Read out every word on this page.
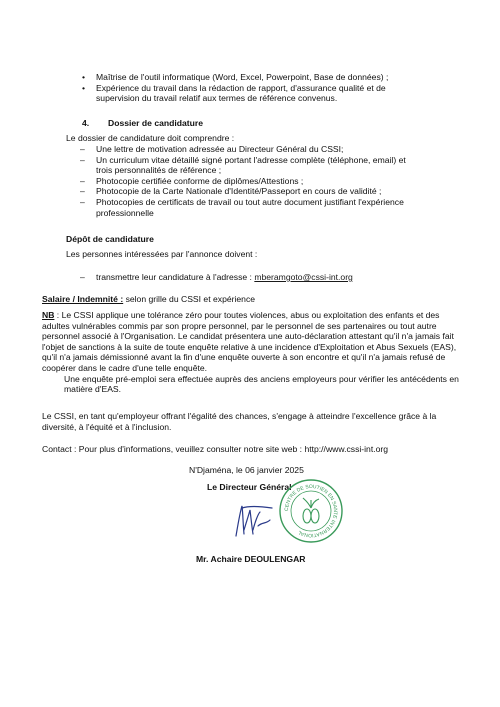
• Maîtrise de l'outil informatique (Word, Excel, Powerpoint, Base de données) ;
• Expérience du travail dans la rédaction de rapport, d'assurance qualité et de supervision du travail relatif aux termes de référence convenus.
4. Dossier de candidature
Le dossier de candidature doit comprendre :
– Une lettre de motivation adressée au Directeur Général du CSSI;
– Un curriculum vitae détaillé signé portant l'adresse complète (téléphone, email) et trois personnalités de référence ;
– Photocopie certifiée conforme de diplômes/Attestions ;
– Photocopie de la Carte Nationale d'Identité/Passeport en cours de validité ;
– Photocopies de certificats de travail ou tout autre document justifiant l'expérience professionnelle
Dépôt de candidature
Les personnes intéressées par l'annonce doivent :
– transmettre leur candidature à l'adresse : mberamgoto@cssi-int.org
Salaire / Indemnité : selon grille du CSSI et expérience

NB : Le CSSI applique une tolérance zéro pour toutes violences, abus ou exploitation des enfants et des adultes vulnérables commis par son propre personnel, par le personnel de ses partenaires ou tout autre personnel associé à l'Organisation. Le candidat présentera une auto-déclaration attestant qu'il n'a jamais fait l'objet de sanctions à la suite de toute enquête relative à une incidence d'Exploitation et Abus Sexuels (EAS), qu'il n'a jamais démissionné avant la fin d'une enquête ouverte à son encontre et qu'il n'a jamais refusé de coopérer dans le cadre d'une telle enquête.

Une enquête pré-emploi sera effectuée auprès des anciens employeurs pour vérifier les antécédents en matière d'EAS.

Le CSSI, en tant qu'employeur offrant l'égalité des chances, s'engage à atteindre l'excellence grâce à la diversité, à l'équité et à l'inclusion.
Contact : Pour plus d'informations, veuillez consulter notre site web : http://www.cssi-int.org
N'Djaména, le 06 janvier 2025
Le Directeur Général
CENTRE DE SOUTIEN EN SANTE INTERNATIONAL
Mr. Achaire DEOULENGAR
